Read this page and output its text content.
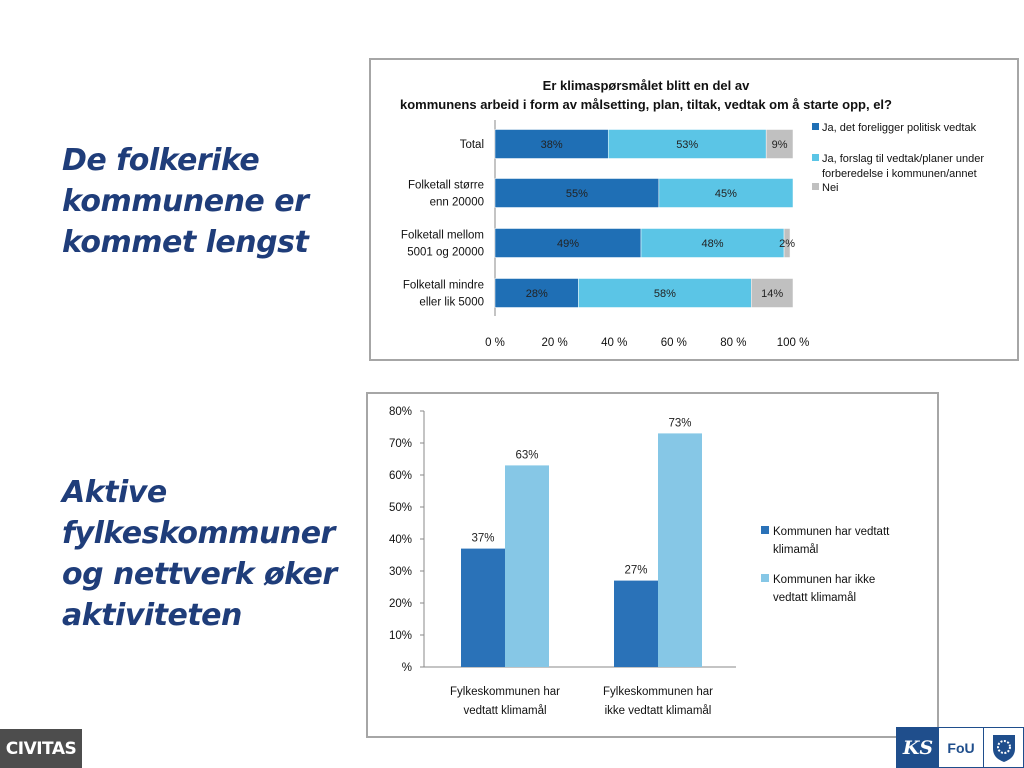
De folkerike kommunene er kommet lengst
Aktive fylkeskommuner og nettverk øker aktiviteten
Er klimaspørsmålet blitt en del av
kommunens arbeid i form av målsetting, plan, tiltak, vedtak om å starte opp, el?
38%	53%	9%
Total
55%	45%
Folketall større
enn 20000
49%	48%	2%
Folketall mellom
5001 og 20000
28%	58%	14%
Folketall mindre
eller lik 5000
0 %	20 %	40 %	60 %	80 %	100 %
Ja, det foreligger politisk vedtak
Ja, forslag til vedtak/planer under
forberedelse i kommunen/annet
Nei
%
10%
20%
30%
40%
50%
60%
70%
80%
37%
63%
Fylkeskommunen har
vedtatt klimamål
27%
73%
Fylkeskommunen har
ikke vedtatt klimamål
Kommunen har vedtatt
klimamål
Kommunen har ikke
vedtatt klimamål
CIVITAS	KS FoU
